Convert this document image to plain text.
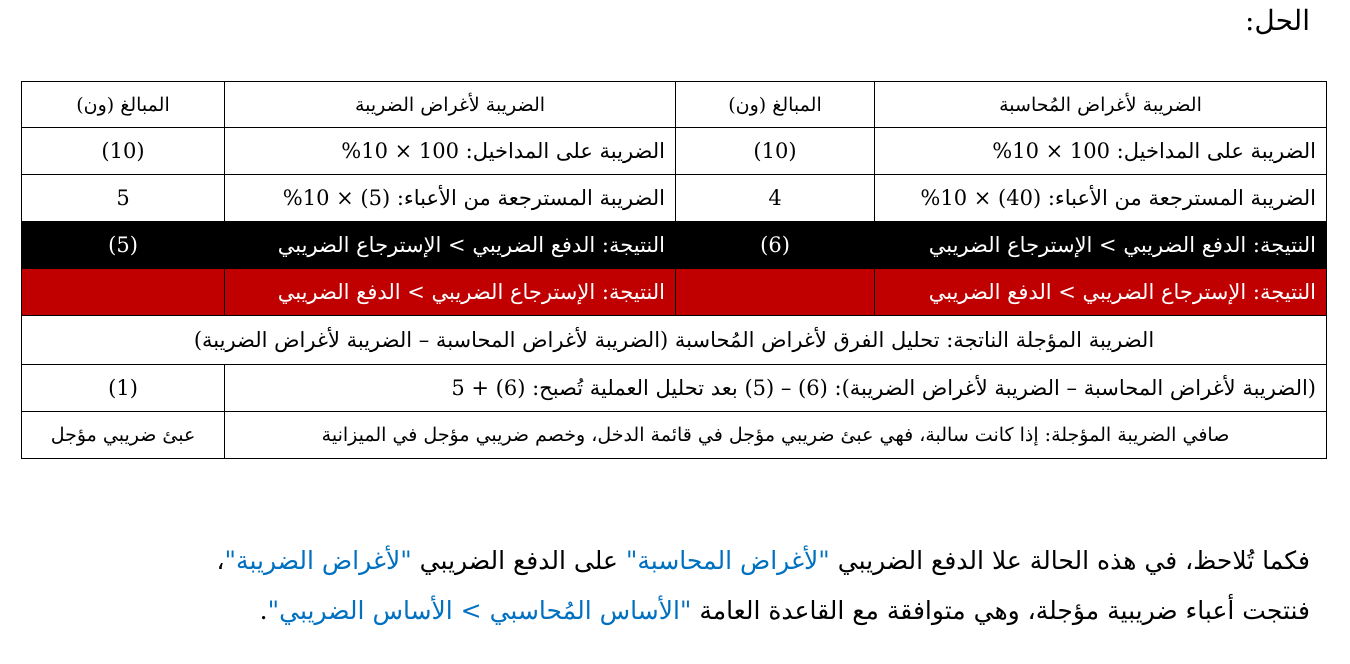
الحل:
الضريبة لأغراض المُحاسبة	المبالغ (ون)	الضريبة لأغراض الضريبة	المبالغ (ون)
الضريبة على المداخيل: 100 × 10%	(10)	الضريبة على المداخيل: 100 × 10%	(10)
الضريبة المسترجعة من الأعباء: (40) × 10%	4	الضريبة المسترجعة من الأعباء: (5) × 10%	5
النتيجة: الدفع الضريبي > الإسترجاع الضريبي	(6)	النتيجة: الدفع الضريبي > الإسترجاع الضريبي	(5)
النتيجة: الإسترجاع الضريبي > الدفع الضريبي		النتيجة: الإسترجاع الضريبي > الدفع الضريبي	
الضريبة المؤجلة الناتجة: تحليل الفرق لأغراض المُحاسبة (الضريبة لأغراض المحاسبة – الضريبة لأغراض الضريبة)			
(الضريبة لأغراض المحاسبة – الضريبة لأغراض الضريبة): (6) – (5) بعد تحليل العملية تُصبح: (6) + 5			(1)
صافي الضريبة المؤجلة: إذا كانت سالبة، فهي عبئ ضريبي مؤجل في قائمة الدخل، وخصم ضريبي مؤجل في الميزانية			عبئ ضريبي مؤجل
فكما تُلاحظ، في هذه الحالة علا الدفع الضريبي "لأغراض المحاسبة" على الدفع الضريبي "لأغراض الضريبة"،
فنتجت أعباء ضريبية مؤجلة، وهي متوافقة مع القاعدة العامة "الأساس المُحاسبي > الأساس الضريبي".
